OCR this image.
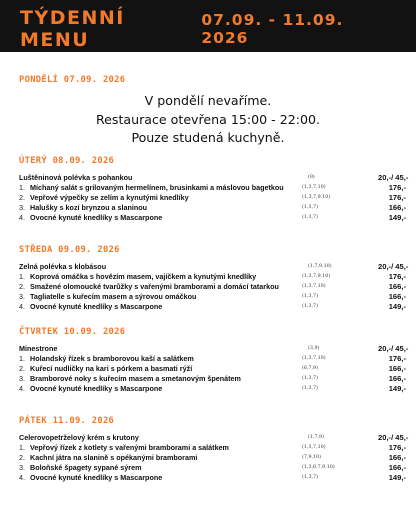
TÝDENNÍ MENU
07.09. - 11.09. 2026
PONDĚLÍ 07.09. 2026
V pondělí nevaříme.
Restaurace otevřena 15:00 - 22:00.
Pouze studená kuchyně.
ÚTERÝ 08.09. 2026
Luštěninová polévka s pohankou	(9)	20,-/ 45,-
1. Míchaný salát s grilovaným hermelínem, brusinkami a máslovou bagetkou	(1,3,7,10)	176,-
2. Vepřové výpečky se zelím a kynutými knedlíky	(1,3,7,9,10)	176,-
3. Halušky s kozí brynzou a slaninou	(1,3,7)	166,-
4. Ovocné kynuté knedlíky s Mascarpone	(1,3,7)	149,-
STŘEDA 09.09. 2026
Zelná polévka s klobásou	(1,7,9,10)	20,-/ 45,-
1. Koprová omáčka s hovězím masem, vajíčkem a kynutými knedlíky	(1,3,7,9,10)	176,-
2. Smažené olomoucké tvarůžky s vařenými bramborami a domácí tatarkou	(1,3,7,10)	166,-
3. Tagliatelle s kuřecím masem a sýrovou omáčkou	(1,3,7)	166,-
4. Ovocné kynuté knedlíky s Mascarpone	(1,3,7)	149,-
ČTVRTEK 10.09. 2026
Minestrone	(3,9)	20,-/ 45,-
1. Holandský řízek s bramborovou kaší a salátkem	(1,3,7,10)	176,-
2. Kuřecí nudličky na kari s pórkem a basmati rýží	(6,7,9)	166,-
3. Bramborové noky s kuřecím masem a smetanovým špenátem	(1,3,7)	166,-
4. Ovocné kynuté knedlíky s Mascarpone	(1,3,7)	149,-
PÁTEK 11.09. 2026
Celerovopetrželový krém s krutony	(1,7,9)	20,-/ 45,-
1. Vepřový řízek z kotlety s vařenými bramborami a salátkem	(1,3,7,10)	176,-
2. Kachní játra na slanině s opékanými bramborami	(7,9,10)	166,-
3. Boloňské špagety sypané sýrem	(1,3,6,7,9,10)	166,-
4. Ovocné kynuté knedlíky s Mascarpone	(1,3,7)	149,-
